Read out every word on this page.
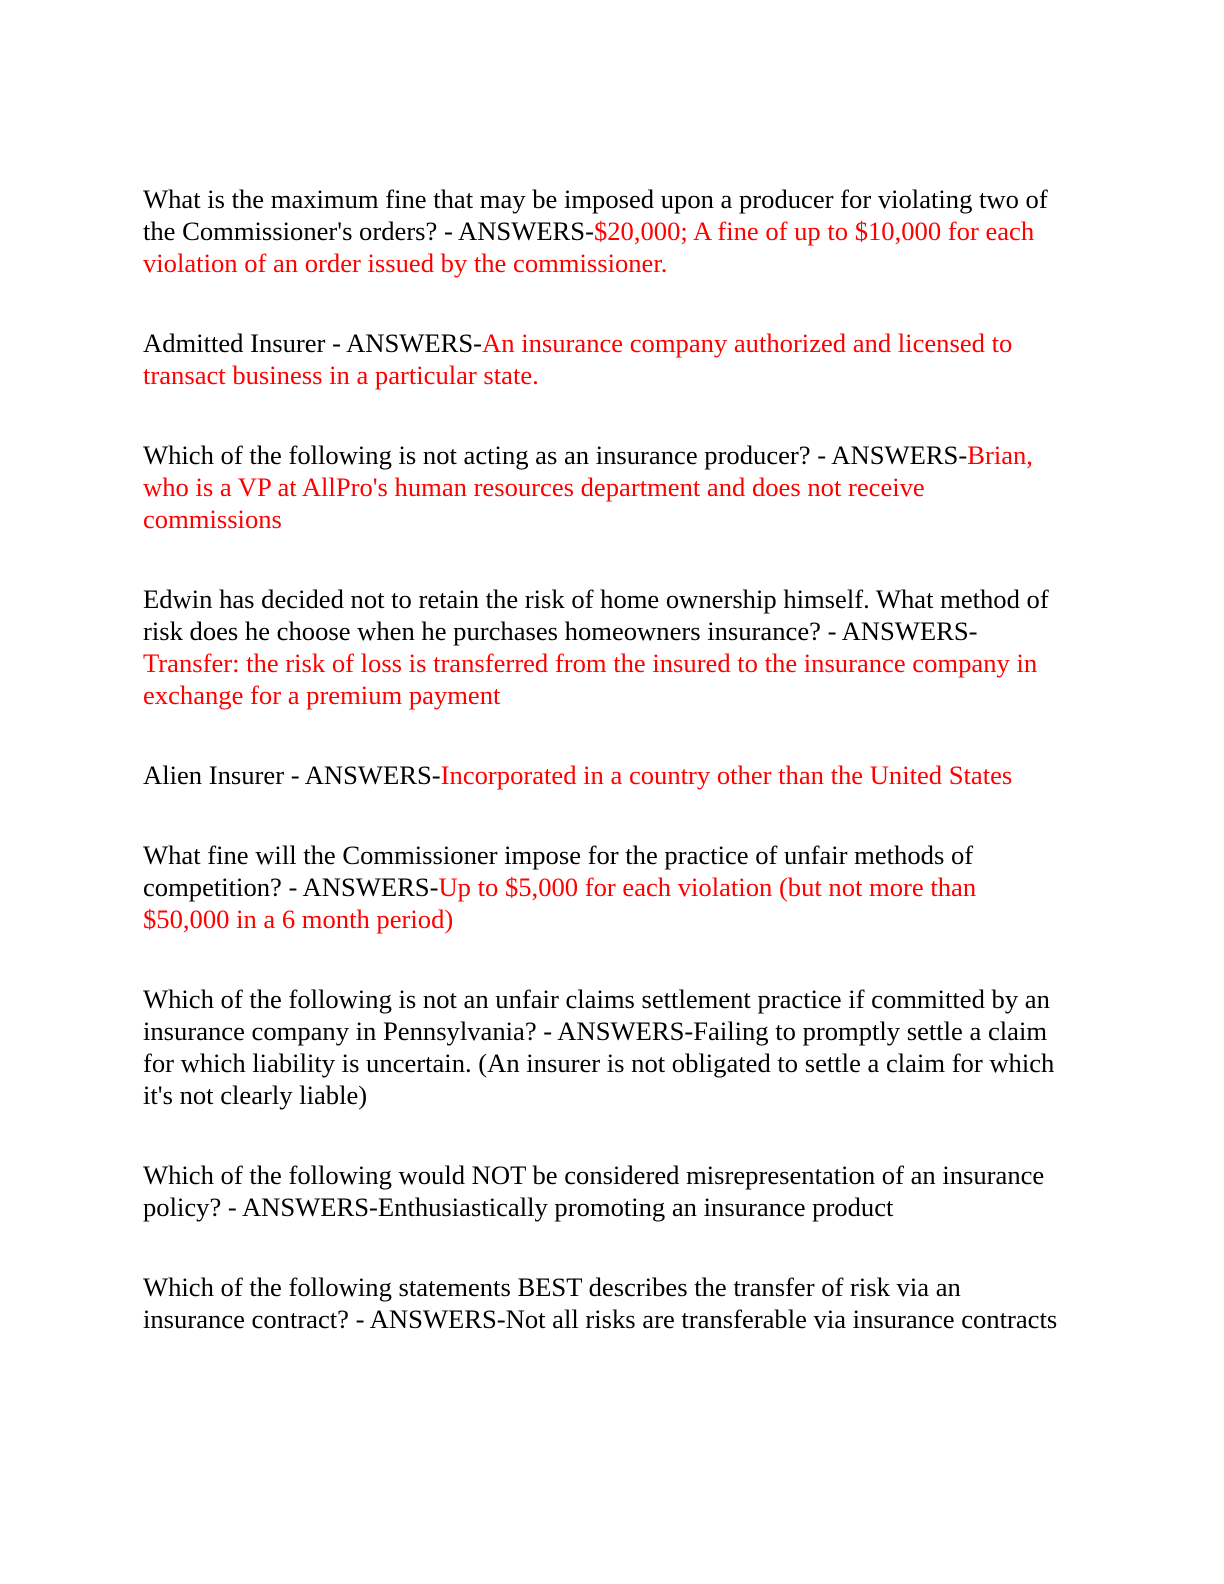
What is the maximum fine that may be imposed upon a producer for violating two of the Commissioner's orders? - ANSWERS-$20,000; A fine of up to $10,000 for each violation of an order issued by the commissioner.

Admitted Insurer - ANSWERS-An insurance company authorized and licensed to transact business in a particular state.

Which of the following is not acting as an insurance producer? - ANSWERS-Brian, who is a VP at AllPro's human resources department and does not receive commissions

Edwin has decided not to retain the risk of home ownership himself. What method of risk does he choose when he purchases homeowners insurance? - ANSWERS-Transfer: the risk of loss is transferred from the insured to the insurance company in exchange for a premium payment

Alien Insurer - ANSWERS-Incorporated in a country other than the United States

What fine will the Commissioner impose for the practice of unfair methods of competition? - ANSWERS-Up to $5,000 for each violation (but not more than $50,000 in a 6 month period)

Which of the following is not an unfair claims settlement practice if committed by an insurance company in Pennsylvania? - ANSWERS-Failing to promptly settle a claim for which liability is uncertain. (An insurer is not obligated to settle a claim for which it's not clearly liable)

Which of the following would NOT be considered misrepresentation of an insurance policy? - ANSWERS-Enthusiastically promoting an insurance product

Which of the following statements BEST describes the transfer of risk via an insurance contract? - ANSWERS-Not all risks are transferable via insurance contracts
